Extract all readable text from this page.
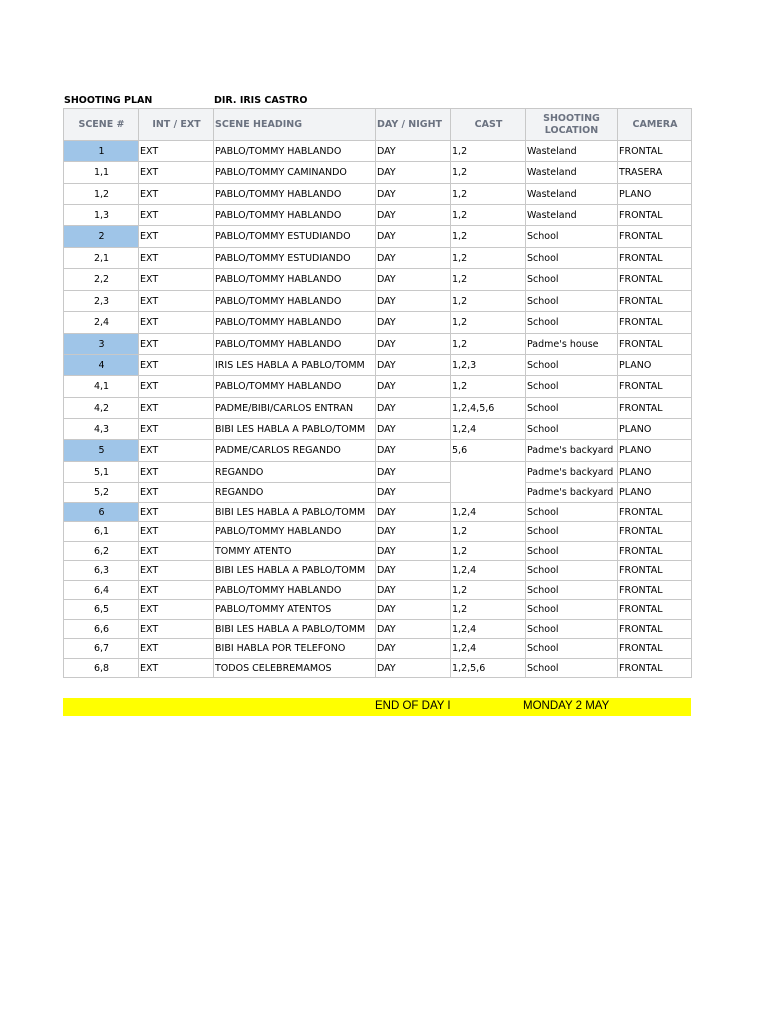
SHOOTING PLAN	DIR. IRIS CASTRO
SCENE #	INT / EXT	SCENE HEADING	DAY / NIGHT	CAST	SHOOTING LOCATION	CAMERA
1	EXT	PABLO/TOMMY HABLANDO	DAY	1,2	Wasteland	FRONTAL
1,1	EXT	PABLO/TOMMY CAMINANDO	DAY	1,2	Wasteland	TRASERA
1,2	EXT	PABLO/TOMMY HABLANDO	DAY	1,2	Wasteland	PLANO
1,3	EXT	PABLO/TOMMY HABLANDO	DAY	1,2	Wasteland	FRONTAL
2	EXT	PABLO/TOMMY ESTUDIANDO	DAY	1,2	School	FRONTAL
2,1	EXT	PABLO/TOMMY ESTUDIANDO	DAY	1,2	School	FRONTAL
2,2	EXT	PABLO/TOMMY HABLANDO	DAY	1,2	School	FRONTAL
2,3	EXT	PABLO/TOMMY HABLANDO	DAY	1,2	School	FRONTAL
2,4	EXT	PABLO/TOMMY HABLANDO	DAY	1,2	School	FRONTAL
3	EXT	PABLO/TOMMY HABLANDO	DAY	1,2	Padme's house	FRONTAL
4	EXT	IRIS LES HABLA A PABLO/TOMM	DAY	1,2,3	School	PLANO
4,1	EXT	PABLO/TOMMY HABLANDO	DAY	1,2	School	FRONTAL
4,2	EXT	PADME/BIBI/CARLOS ENTRAN	DAY	1,2,4,5,6	School	FRONTAL
4,3	EXT	BIBI LES HABLA A PABLO/TOMM	DAY	1,2,4	School	PLANO
5	EXT	PADME/CARLOS REGANDO	DAY	5,6	Padme's backyard	PLANO
5,1	EXT	REGANDO	DAY		Padme's backyard	PLANO
5,2	EXT	REGANDO	DAY		Padme's backyard	PLANO
6	EXT	BIBI LES HABLA A PABLO/TOMM	DAY	1,2,4	School	FRONTAL
6,1	EXT	PABLO/TOMMY HABLANDO	DAY	1,2	School	FRONTAL
6,2	EXT	TOMMY ATENTO	DAY	1,2	School	FRONTAL
6,3	EXT	BIBI LES HABLA A PABLO/TOMM	DAY	1,2,4	School	FRONTAL
6,4	EXT	PABLO/TOMMY HABLANDO	DAY	1,2	School	FRONTAL
6,5	EXT	PABLO/TOMMY ATENTOS	DAY	1,2	School	FRONTAL
6,6	EXT	BIBI LES HABLA A PABLO/TOMM	DAY	1,2,4	School	FRONTAL
6,7	EXT	BIBI HABLA POR TELEFONO	DAY	1,2,4	School	FRONTAL
6,8	EXT	TODOS CELEBREMAMOS	DAY	1,2,5,6	School	FRONTAL
END OF DAY I	MONDAY 2 MAY
